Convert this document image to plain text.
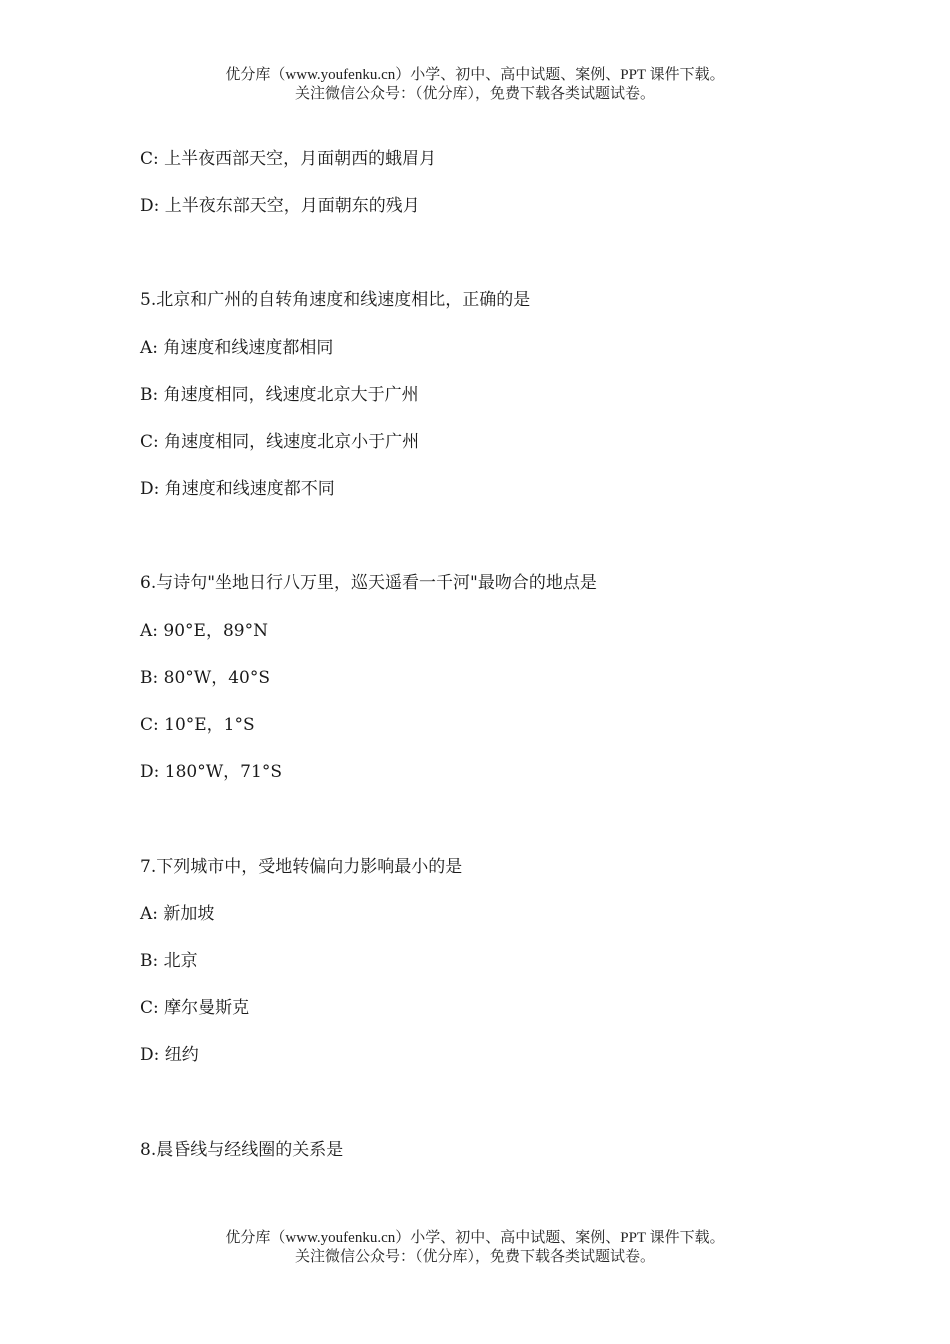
优分库（www.youfenku.cn）小学、初中、高中试题、案例、PPT 课件下载。
关注微信公众号：（优分库），免费下载各类试题试卷。
C: 上半夜西部天空，月面朝西的蛾眉月
D: 上半夜东部天空，月面朝东的残月
5.北京和广州的自转角速度和线速度相比，正确的是
A: 角速度和线速度都相同
B: 角速度相同，线速度北京大于广州
C: 角速度相同，线速度北京小于广州
D: 角速度和线速度都不同
6.与诗句"坐地日行八万里，巡天遥看一千河"最吻合的地点是
A: 90°E，89°N
B: 80°W，40°S
C: 10°E，1°S
D: 180°W，71°S
7.下列城市中，受地转偏向力影响最小的是
A: 新加坡
B: 北京
C: 摩尔曼斯克
D: 纽约
8.晨昏线与经线圈的关系是
优分库（www.youfenku.cn）小学、初中、高中试题、案例、PPT 课件下载。
关注微信公众号：（优分库），免费下载各类试题试卷。
